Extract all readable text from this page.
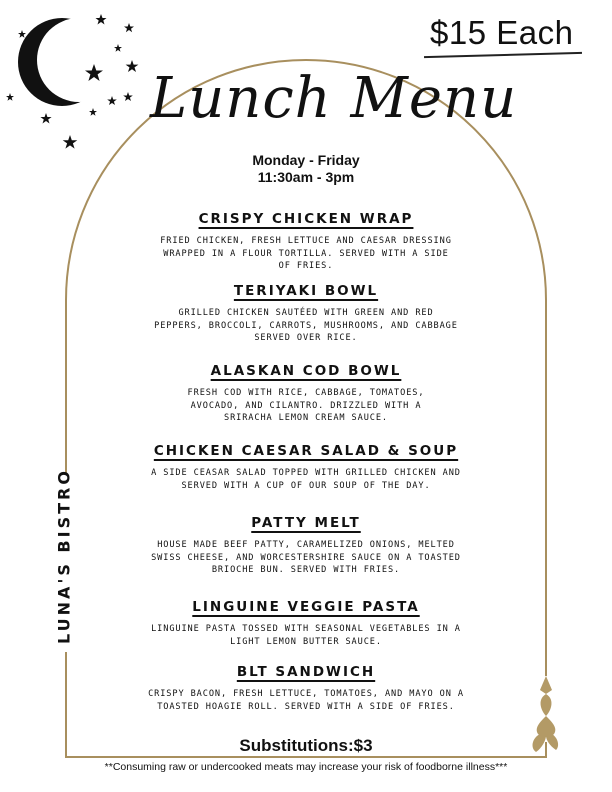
$15 Each
Lunch Menu
Monday - Friday
11:30am - 3pm
CRISPY CHICKEN WRAP
FRIED CHICKEN, FRESH LETTUCE AND CAESAR DRESSING WRAPPED IN A FLOUR TORTILLA. SERVED WITH A SIDE OF FRIES.
TERIYAKI BOWL
GRILLED CHICKEN SAUTÉED WITH GREEN AND RED PEPPERS, BROCCOLI, CARROTS, MUSHROOMS, AND CABBAGE SERVED OVER RICE.
ALASKAN COD BOWL
FRESH COD WITH RICE, CABBAGE, TOMATOES, AVOCADO, AND CILANTRO. DRIZZLED WITH A SRIRACHA LEMON CREAM SAUCE.
CHICKEN CAESAR SALAD & SOUP
A SIDE CEASAR SALAD TOPPED WITH GRILLED CHICKEN AND SERVED WITH A CUP OF OUR SOUP OF THE DAY.
PATTY MELT
HOUSE MADE BEEF PATTY, CARAMELIZED ONIONS, MELTED SWISS CHEESE, AND WORCESTERSHIRE SAUCE ON A TOASTED BRIOCHE BUN. SERVED WITH FRIES.
LINGUINE VEGGIE PASTA
LINGUINE PASTA TOSSED WITH SEASONAL VEGETABLES IN A LIGHT LEMON BUTTER SAUCE.
BLT SANDWICH
CRISPY BACON, FRESH LETTUCE, TOMATOES, AND MAYO ON A TOASTED HOAGIE ROLL. SERVED WITH A SIDE OF FRIES.
LUNA'S BISTRO
Substitutions:$3
**Consuming raw or undercooked meats may increase your risk of foodborne illness***
